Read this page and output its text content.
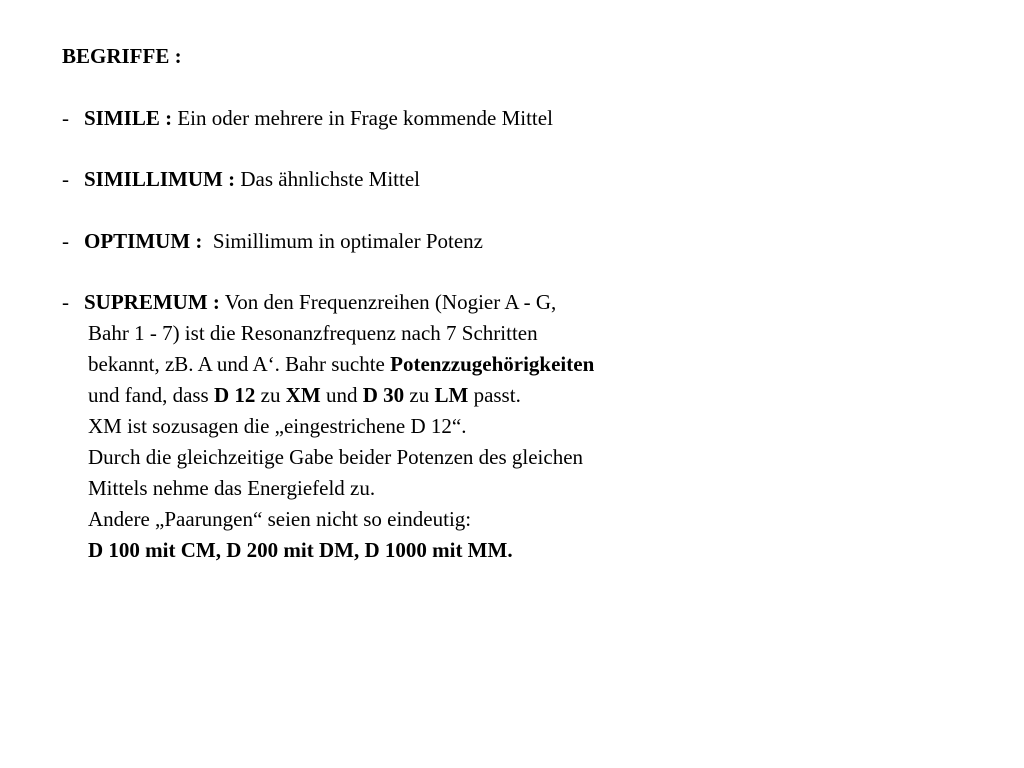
BEGRIFFE :
- SIMILE : Ein oder mehrere in Frage kommende Mittel
- SIMILLIMUM : Das ähnlichste Mittel
- OPTIMUM : Simillimum in optimaler Potenz
- SUPREMUM : Von den Frequenzreihen (Nogier A - G,
Bahr 1 - 7) ist die Resonanzfrequenz nach 7 Schritten
bekannt, zB. A und A‘. Bahr suchte Potenzzugehörigkeiten
und fand, dass D 12 zu XM und D 30 zu LM passt.
XM ist sozusagen die „eingestrichene D 12“.
Durch die gleichzeitige Gabe beider Potenzen des gleichen
Mittels nehme das Energiefeld zu.
Andere „Paarungen“ seien nicht so eindeutig:
D 100 mit CM, D 200 mit DM, D 1000 mit MM.
